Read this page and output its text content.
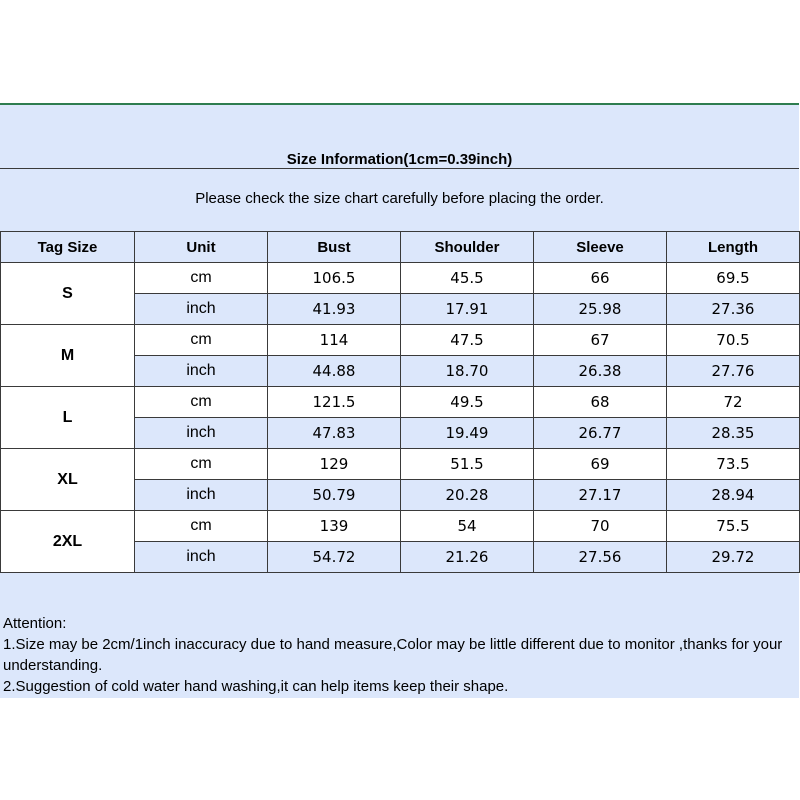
Size Information(1cm=0.39inch)
Please check the size chart carefully before placing the order.
Tag Size	Unit	Bust	Shoulder	Sleeve	Length
S	cm	106.5	45.5	66	69.5
	inch	41.93	17.91	25.98	27.36
M	cm	114	47.5	67	70.5
	inch	44.88	18.70	26.38	27.76
L	cm	121.5	49.5	68	72
	inch	47.83	19.49	26.77	28.35
XL	cm	129	51.5	69	73.5
	inch	50.79	20.28	27.17	28.94
2XL	cm	139	54	70	75.5
	inch	54.72	21.26	27.56	29.72

Attention:

1.Size may be 2cm/1inch inaccuracy due to hand measure,Color may be little different due to monitor ,thanks for your understanding.

2.Suggestion of cold water hand washing,it can help items keep their shape.
